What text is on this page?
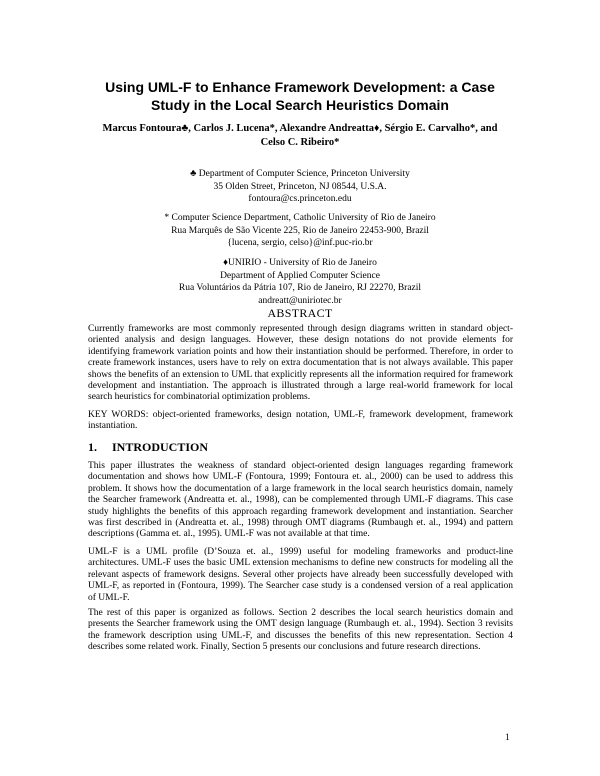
Using UML-F to Enhance Framework Development: a Case
Study in the Local Search Heuristics Domain
Marcus Fontoura♣, Carlos J. Lucena*, Alexandre Andreatta♦, Sérgio E. Carvalho*, and
Celso C. Ribeiro*
♣ Department of Computer Science, Princeton University
35 Olden Street, Princeton, NJ 08544, U.S.A.
fontoura@cs.princeton.edu
* Computer Science Department, Catholic University of Rio de Janeiro
Rua Marquês de São Vicente 225, Rio de Janeiro 22453-900, Brazil
{lucena, sergio, celso}@inf.puc-rio.br
♦UNIRIO - University of Rio de Janeiro
Department of Applied Computer Science
Rua Voluntários da Pátria 107, Rio de Janeiro, RJ 22270, Brazil
andreatt@uniriotec.br
ABSTRACT

Currently frameworks are most commonly represented through design diagrams written in standard object-oriented analysis and design languages. However, these design notations do not provide elements for identifying framework variation points and how their instantiation should be performed. Therefore, in order to create framework instances, users have to rely on extra documentation that is not always available. This paper shows the benefits of an extension to UML that explicitly represents all the information required for framework development and instantiation. The approach is illustrated through a large real-world framework for local search heuristics for combinatorial optimization problems.

KEY WORDS: object-oriented frameworks, design notation, UML-F, framework development, framework instantiation.

1. INTRODUCTION

This paper illustrates the weakness of standard object-oriented design languages regarding framework documentation and shows how UML-F (Fontoura, 1999; Fontoura et. al., 2000) can be used to address this problem. It shows how the documentation of a large framework in the local search heuristics domain, namely the Searcher framework (Andreatta et. al., 1998), can be complemented through UML-F diagrams. This case study highlights the benefits of this approach regarding framework development and instantiation. Searcher was first described in (Andreatta et. al., 1998) through OMT diagrams (Rumbaugh et. al., 1994) and pattern descriptions (Gamma et. al., 1995). UML-F was not available at that time.

UML-F is a UML profile (D’Souza et. al., 1999) useful for modeling frameworks and product-line architectures. UML-F uses the basic UML extension mechanisms to define new constructs for modeling all the relevant aspects of framework designs. Several other projects have already been successfully developed with UML-F, as reported in (Fontoura, 1999). The Searcher case study is a condensed version of a real application of UML-F.

The rest of this paper is organized as follows. Section 2 describes the local search heuristics domain and presents the Searcher framework using the OMT design language (Rumbaugh et. al., 1994). Section 3 revisits the framework description using UML-F, and discusses the benefits of this new representation. Section 4 describes some related work. Finally, Section 5 presents our conclusions and future research directions.

1
